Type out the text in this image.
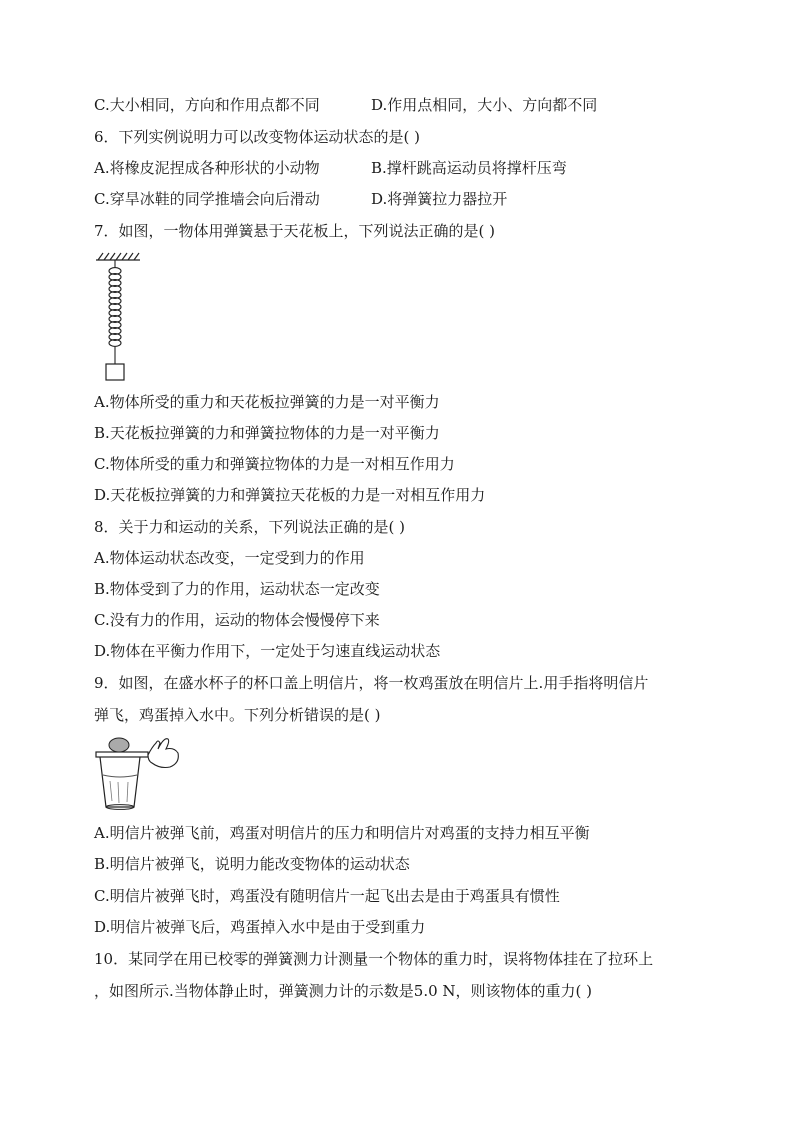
C.大小相同，方向和作用点都不同	D.作用点相同，大小、方向都不同
6．下列实例说明力可以改变物体运动状态的是( )
A.将橡皮泥捏成各种形状的小动物	B.撑杆跳高运动员将撑杆压弯
C.穿旱冰鞋的同学推墙会向后滑动	D.将弹簧拉力器拉开
7．如图，一物体用弹簧悬于天花板上，下列说法正确的是( )
A.物体所受的重力和天花板拉弹簧的力是一对平衡力
B.天花板拉弹簧的力和弹簧拉物体的力是一对平衡力
C.物体所受的重力和弹簧拉物体的力是一对相互作用力
D.天花板拉弹簧的力和弹簧拉天花板的力是一对相互作用力
8．关于力和运动的关系，下列说法正确的是( )
A.物体运动状态改变，一定受到力的作用
B.物体受到了力的作用，运动状态一定改变
C.没有力的作用，运动的物体会慢慢停下来
D.物体在平衡力作用下，一定处于匀速直线运动状态
9．如图，在盛水杯子的杯口盖上明信片，将一枚鸡蛋放在明信片上.用手指将明信片
弹飞，鸡蛋掉入水中。下列分析错误的是( )
A.明信片被弹飞前，鸡蛋对明信片的压力和明信片对鸡蛋的支持力相互平衡
B.明信片被弹飞，说明力能改变物体的运动状态
C.明信片被弹飞时，鸡蛋没有随明信片一起飞出去是由于鸡蛋具有惯性
D.明信片被弹飞后，鸡蛋掉入水中是由于受到重力
10．某同学在用已校零的弹簧测力计测量一个物体的重力时，误将物体挂在了拉环上
，如图所示.当物体静止时，弹簧测力计的示数是5.0 N，则该物体的重力( )
